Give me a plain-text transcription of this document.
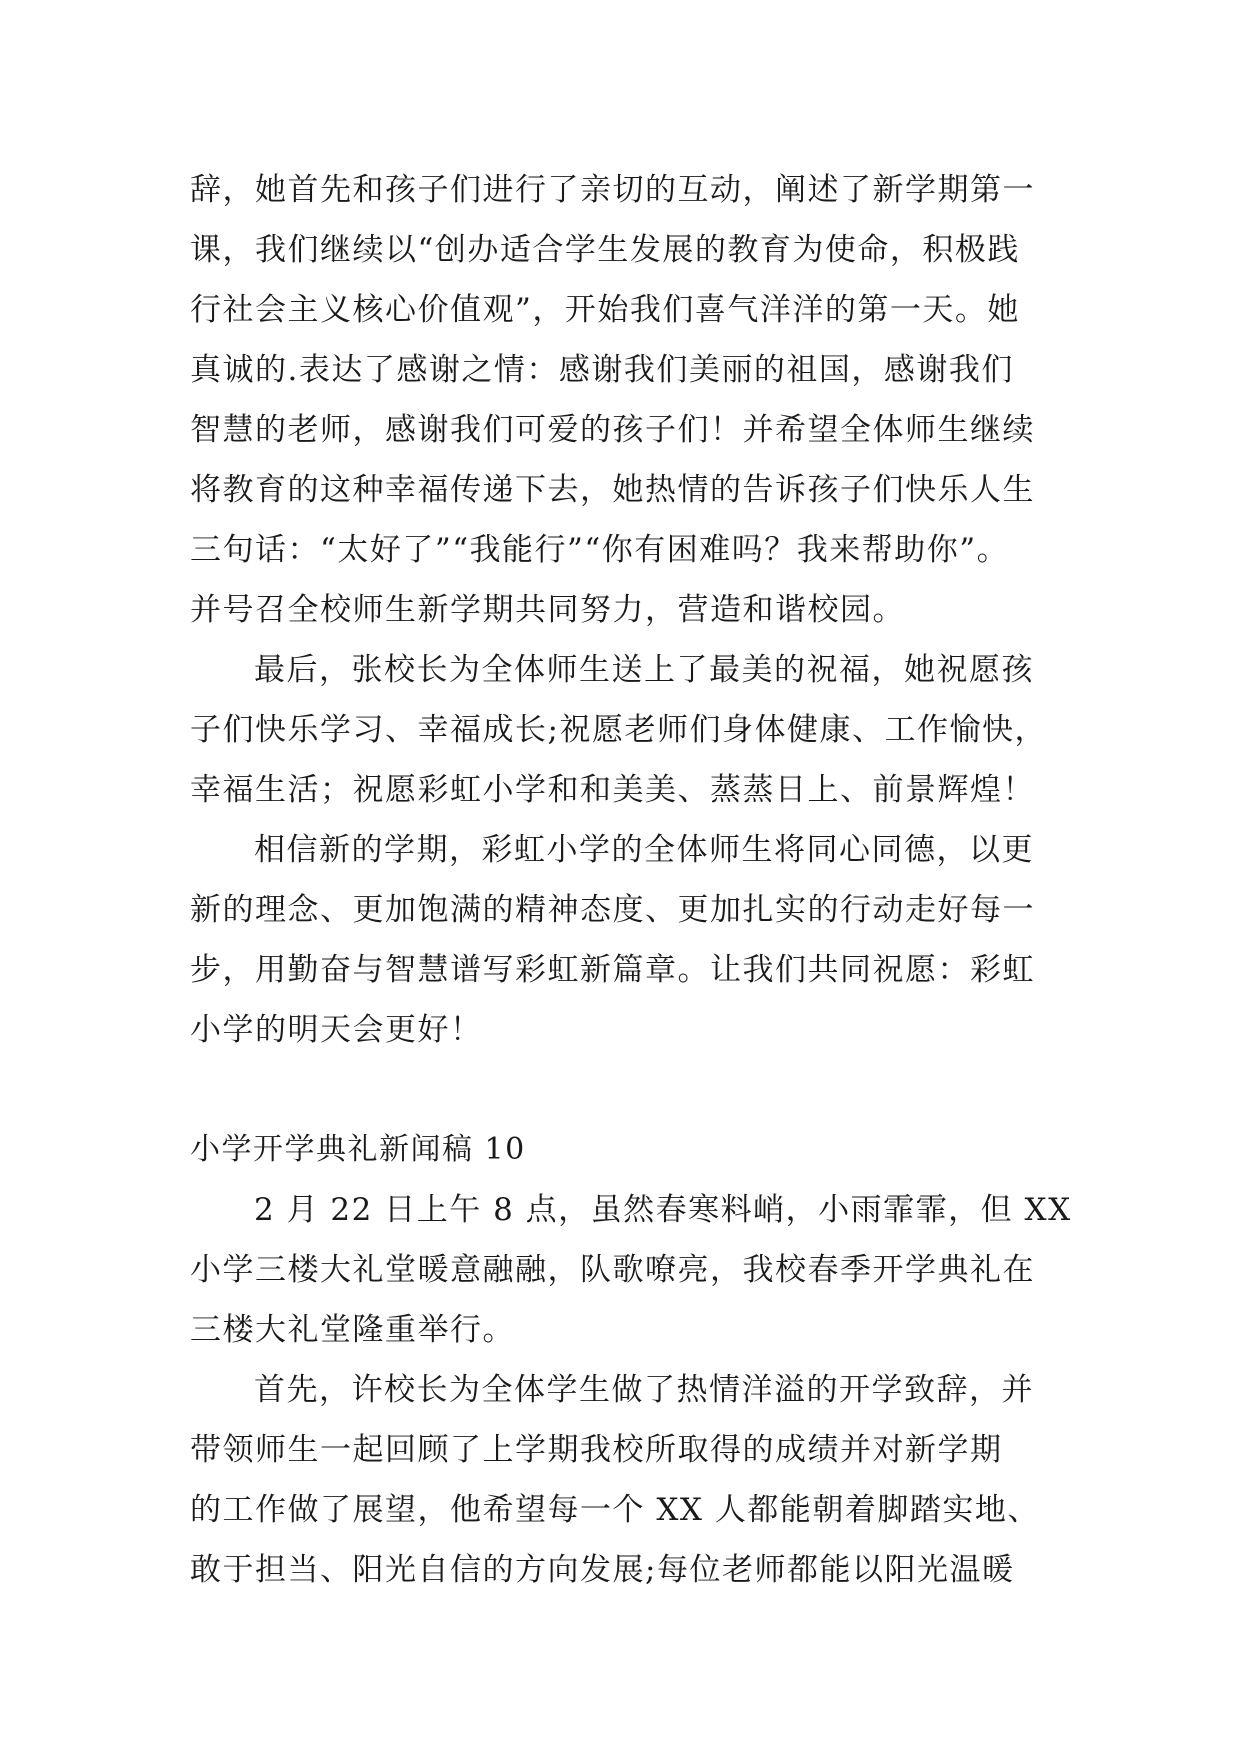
辞，她首先和孩子们进行了亲切的互动，阐述了新学期第一
课，我们继续以“创办适合学生发展的教育为使命，积极践
行社会主义核心价值观”，开始我们喜气洋洋的第一天。她
真诚的.表达了感谢之情：感谢我们美丽的祖国，感谢我们
智慧的老师，感谢我们可爱的孩子们！并希望全体师生继续
将教育的这种幸福传递下去，她热情的告诉孩子们快乐人生
三句话：“太好了”“我能行”“你有困难吗？我来帮助你”。
并号召全校师生新学期共同努力，营造和谐校园。
最后，张校长为全体师生送上了最美的祝福，她祝愿孩
子们快乐学习、幸福成长;祝愿老师们身体健康、工作愉快，
幸福生活；祝愿彩虹小学和和美美、蒸蒸日上、前景辉煌！
相信新的学期，彩虹小学的全体师生将同心同德，以更
新的理念、更加饱满的精神态度、更加扎实的行动走好每一
步，用勤奋与智慧谱写彩虹新篇章。让我们共同祝愿：彩虹
小学的明天会更好！
小学开学典礼新闻稿 10
2 月 22 日上午 8 点，虽然春寒料峭，小雨霏霏，但 XX
小学三楼大礼堂暖意融融，队歌嘹亮，我校春季开学典礼在
三楼大礼堂隆重举行。
首先，许校长为全体学生做了热情洋溢的开学致辞，并
带领师生一起回顾了上学期我校所取得的成绩并对新学期
的工作做了展望，他希望每一个 XX 人都能朝着脚踏实地、
敢于担当、阳光自信的方向发展;每位老师都能以阳光温暖
